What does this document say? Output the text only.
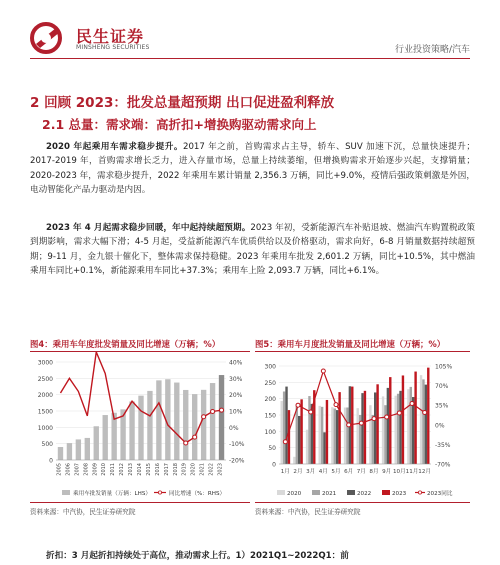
民生证券
MINSHENG SECURITIES	行业投资策略/汽车
2 回顾 2023：批发总量超预期 出口促进盈利释放
2.1 总量：需求端：高折扣+增换购驱动需求向上
2020 年起乘用车需求稳步提升。2017 年之前，首购需求占主导，轿车、SUV 加速下沉，总量快速提升；2017-2019 年，首购需求增长乏力，进入存量市场，总量上持续萎缩，但增换购需求开始逐步兴起，支撑销量；2020-2023 年，需求稳步提升，2022 年乘用车累计销量 2,356.3 万辆，同比+9.0%，疫情后强政策刺激是外因，电动智能化产品力驱动是内因。
2023 年 4 月起需求稳步回暖，年中起持续超预期。2023 年初，受新能源汽车补贴退坡、燃油汽车购置税政策到期影响，需求大幅下滑；4-5 月起，受益新能源汽车优质供给以及价格驱动，需求向好，6-8 月销量数据持续超预期；9-11 月，金九银十催化下，整体需求保持稳健。2023 年乘用车批发 2,601.2 万辆，同比+10.5%，其中燃油乘用车同比+0.1%，新能源乘用车同比+37.3%；乘用车上险 2,093.7 万辆，同比+6.1%。
图4：乘用车年度批发销量及同比增速（万辆；%）
0
500
1000
1500
2000
2500
3000
-20%
-10%
0%
10%
20%
30%
40%
2005 2006 2007 2008 2009 2010 2011 2012 2013 2014 2015 2016 2017 2018 2019 2020 2021 2022 2023
乘用车批发销量（万辆：LHS）	同比增速（%：RHS）
资料来源：中汽协，民生证券研究院
图5：乘用车月度批发销量及同比增速（万辆；%）
0
50
100
150
200
250
300
-70%
-35%
0%
35%
70%
105%
1月 2月 3月 4月 5月 6月 7月 8月 9月 10月 11月 12月
2020	2021	2022	2023	2023同比
资料来源：中汽协，民生证券研究院
折扣：3 月起折扣持续处于高位，推动需求上行。1）2021Q1~2022Q1：前
